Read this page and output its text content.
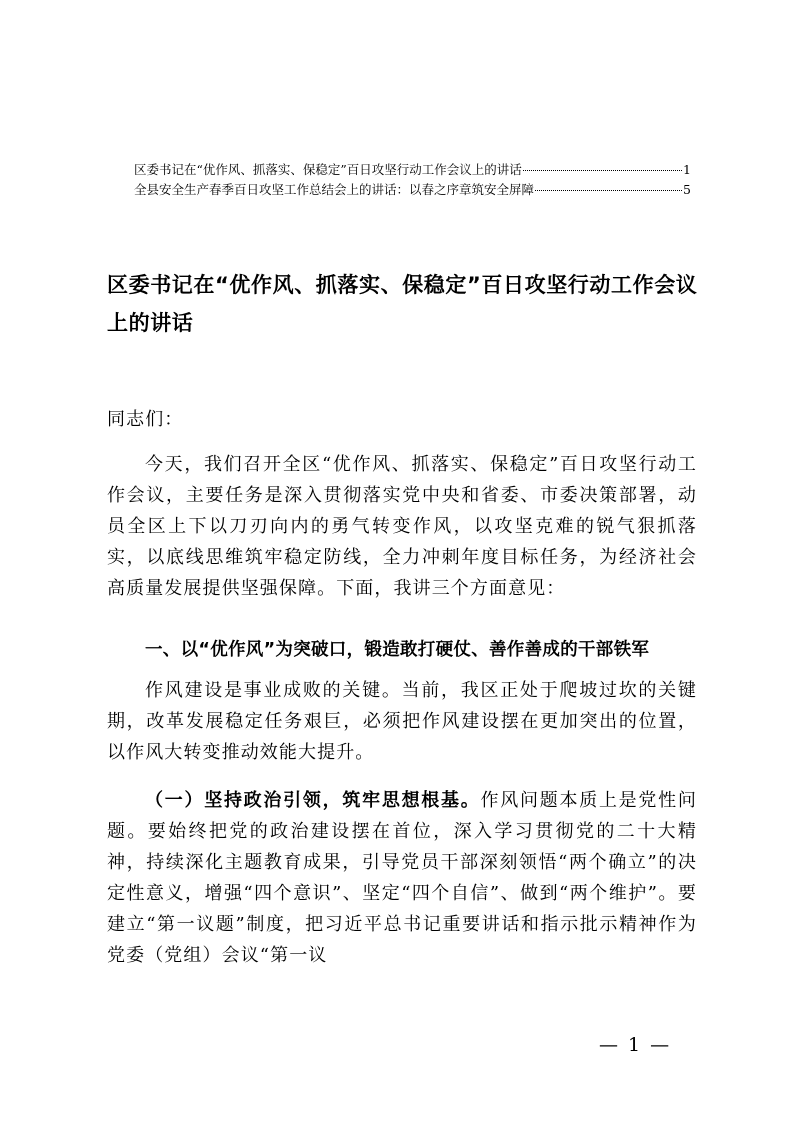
区委书记在“优作风、抓落实、保稳定”百日攻坚行动工作会议上的讲话	1
全县安全生产春季百日攻坚工作总结会上的讲话：以春之序章筑安全屏障	5
区委书记在“优作风、抓落实、保稳定”百日攻坚行动工作会议上的讲话
同志们：
今天，我们召开全区“优作风、抓落实、保稳定”百日攻坚行动工作会议，主要任务是深入贯彻落实党中央和省委、市委决策部署，动员全区上下以刀刃向内的勇气转变作风，以攻坚克难的锐气狠抓落实，以底线思维筑牢稳定防线，全力冲刺年度目标任务，为经济社会高质量发展提供坚强保障。下面，我讲三个方面意见：
一、以“优作风”为突破口，锻造敢打硬仗、善作善成的干部铁军
作风建设是事业成败的关键。当前，我区正处于爬坡过坎的关键期，改革发展稳定任务艰巨，必须把作风建设摆在更加突出的位置，以作风大转变推动效能大提升。
（一）坚持政治引领，筑牢思想根基。作风问题本质上是党性问题。要始终把党的政治建设摆在首位，深入学习贯彻党的二十大精神，持续深化主题教育成果，引导党员干部深刻领悟“两个确立”的决定性意义，增强“四个意识”、坚定“四个自信”、做到“两个维护”。要建立“第一议题”制度，把习近平总书记重要讲话和指示批示精神作为党委（党组）会议“第一议
— 1 —
